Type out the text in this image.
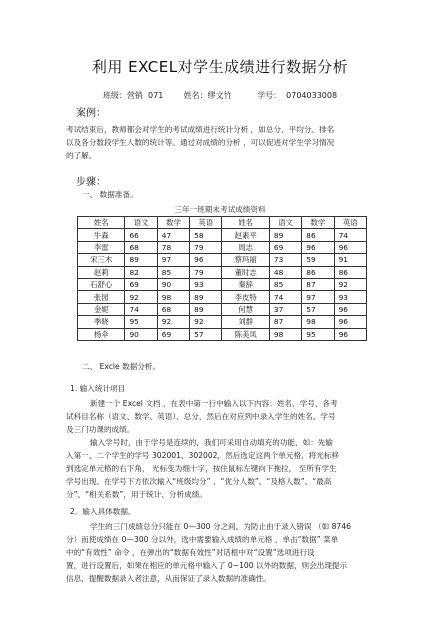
利用 EXCEL对学生成绩进行数据分析
班级：营销  071        姓名：缪文竹          学号：  0704033008
案例：
考试结束后，教师都会对学生的考试成绩进行统计分析 ，如总分、平均分、排名
以及各分数段学生人数的统计等。通过对成绩的分析 ，可以促进对学生学习情况
的了解。
步骤：
一、 数据准备。
三年一班期末考试成绩资料
姓名	语文	数学	英语	姓名	语文	数学	英语
牛森	66	47	58	赵素平	89	86	74
李雷	68	78	79	周志	69	96	96
宋三木	89	97	96	蔡玛丽	73	59	91
赵莉	82	85	79	董时志	48	86	86
石舒心	69	90	93	秦辞	85	87	92
张园	92	98	89	李皮特	74	97	93
金妮	74	68	89	何慧	37	57	96
季晓	95	92	92	刘群	87	98	96
杨伞	90	69	57	陈美凤	98	95	96
二、 Excle 数据分析。
1. 输入统计项目
新建一个 Excel 文档 ，在表中第一行中输入以下内容：姓名、学号、各考
试科目名称（语文、数学、英语）、总分，然后在对应列中录入学生的姓名、学号
及三门功课的成绩。
输入学号时，由于学号是连续的，我们可采用自动填充的功能，如：先输
入第一、二个学生的学号 302001、302002，然后选定这两个单元格，将光标移
到选定单元格的右下角， 光标变为细十字，按住鼠标左键向下拖拉， 至所有学生
学号出现。在学号下方依次输入“班级均分” 、“优分人数”、“及格人数”、“最高
分”、“相关系数”，用于统计、分析成绩。
2．输入具体数据。
学生的三门成绩总分只能在 0—300 分之间，为防止由于录入错误 （如 8746
分）而使成绩在 0—300 分以外，选中需要输入成绩的单元格 ，单击“数据” 菜单
中的“有效性” 命令 ，在弹出的“数据有效性”对话框中对“设置”选项进行设
置，进行设置后，如果在相应的单元格中输入了 0~100 以外的数据，则会出现提示
信息，提醒数据录入者注意，从而保证了录入数据的准确性。
